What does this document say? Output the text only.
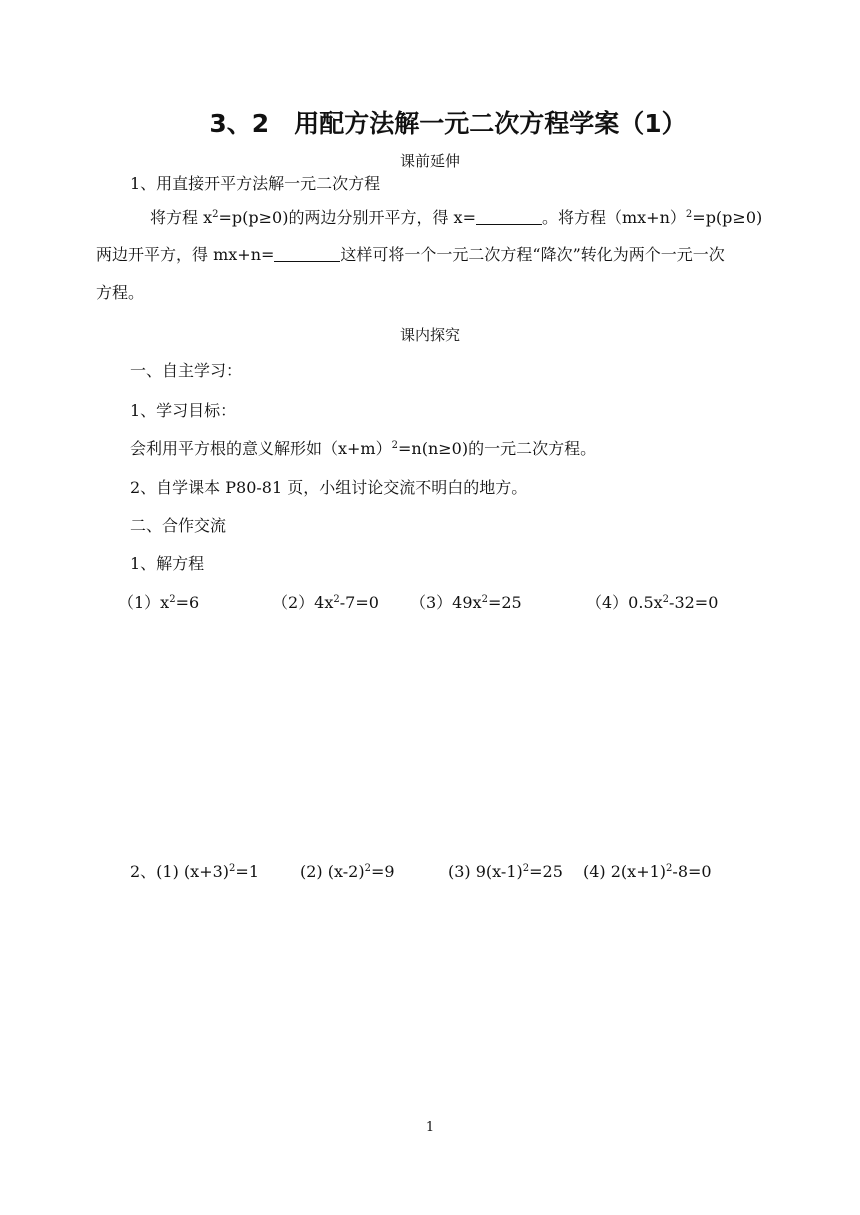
3、2　用配方法解一元二次方程学案（1）
课前延伸
1、用直接开平方法解一元二次方程
将方程 $x^2=p(p\ge 0)$的两边分别开平方，得 x=	。将方程$(mx+n)^2=p(p\ge 0)$
两边开平方，得 mx+n=	这样可将一个一元二次方程“降次”转化为两个一元一次
方程。
课内探究
一、自主学习：
1、学习目标：
会利用平方根的意义解形如$(x+m)^2=n(n\ge 0)$的一元二次方程。
2、自学课本 P80-81 页，小组讨论交流不明白的地方。
二、合作交流
1、解方程
$(1)x^2=6$	$(2)4x^2-7=0$ $(3)49x^2=25$	$(4)0.5x^2-32=0$
2、(1) $(x+3)^2=1$	(2) $(x-2)^2=9$	(3) $9(x-1)^2=25$ (4) $2(x+1)^2-8=0$
1
